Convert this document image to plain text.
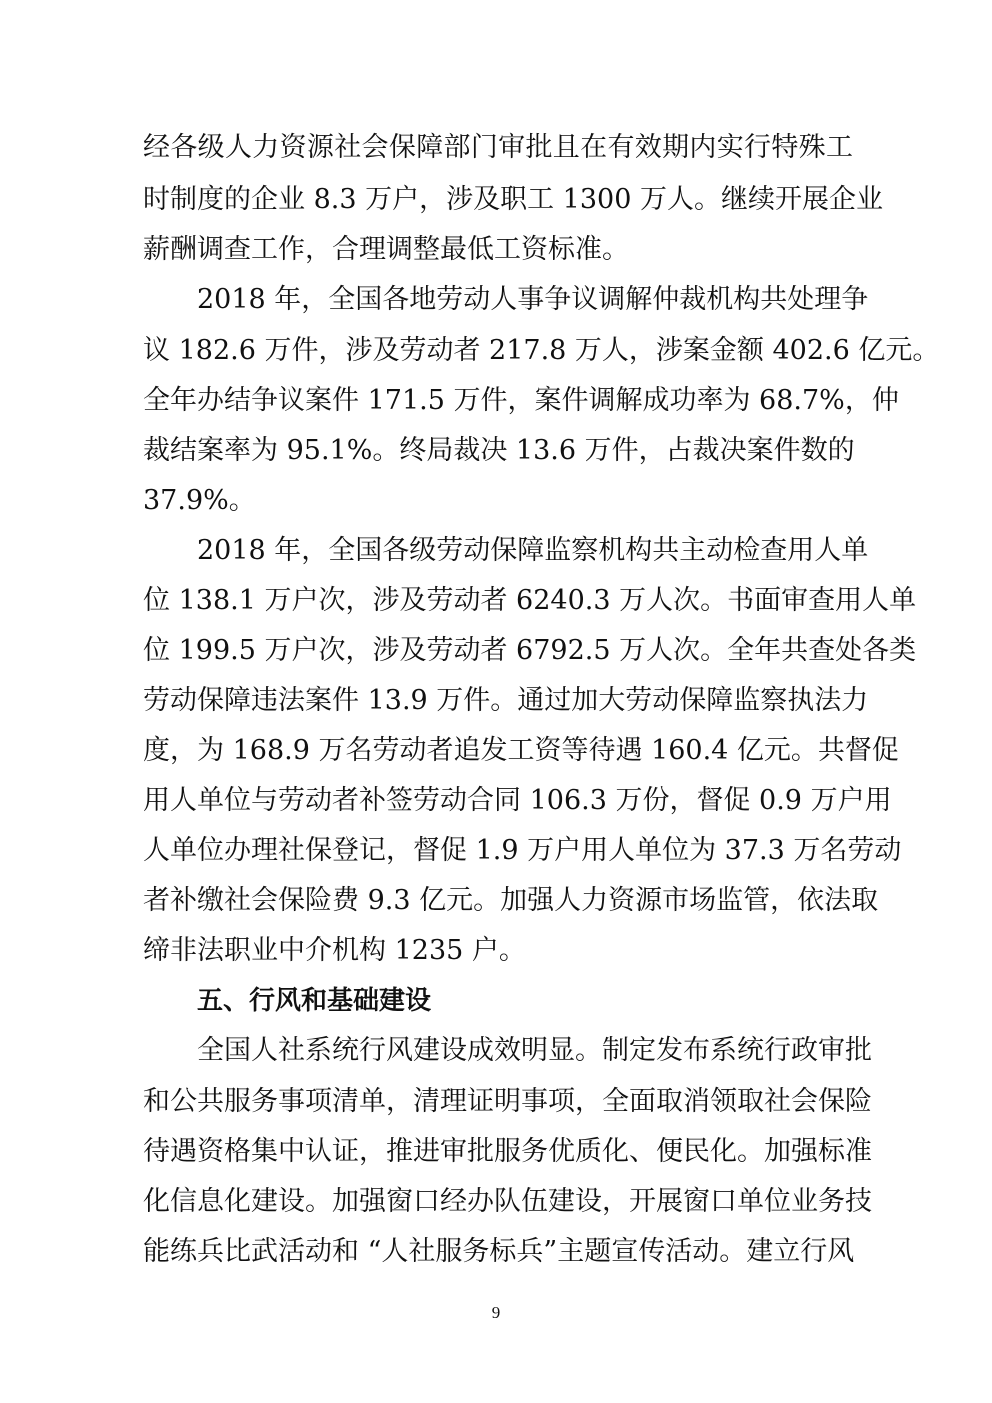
经各级人力资源社会保障部门审批且在有效期内实行特殊工
时制度的企业 8.3 万户，涉及职工 1300 万人。继续开展企业
薪酬调查工作，合理调整最低工资标准。
2018 年，全国各地劳动人事争议调解仲裁机构共处理争
议 182.6 万件，涉及劳动者 217.8 万人，涉案金额 402.6 亿元。
全年办结争议案件 171.5 万件，案件调解成功率为 68.7%，仲
裁结案率为 95.1%。终局裁决 13.6 万件，占裁决案件数的
37.9%。
2018 年，全国各级劳动保障监察机构共主动检查用人单
位 138.1 万户次，涉及劳动者 6240.3 万人次。书面审查用人单
位 199.5 万户次，涉及劳动者 6792.5 万人次。全年共查处各类
劳动保障违法案件 13.9 万件。通过加大劳动保障监察执法力
度，为 168.9 万名劳动者追发工资等待遇 160.4 亿元。共督促
用人单位与劳动者补签劳动合同 106.3 万份，督促 0.9 万户用
人单位办理社保登记，督促 1.9 万户用人单位为 37.3 万名劳动
者补缴社会保险费 9.3 亿元。加强人力资源市场监管，依法取
缔非法职业中介机构 1235 户。
五、行风和基础建设
全国人社系统行风建设成效明显。制定发布系统行政审批
和公共服务事项清单，清理证明事项，全面取消领取社会保险
待遇资格集中认证，推进审批服务优质化、便民化。加强标准
化信息化建设。加强窗口经办队伍建设，开展窗口单位业务技
能练兵比武活动和 “人社服务标兵”主题宣传活动。建立行风
9
